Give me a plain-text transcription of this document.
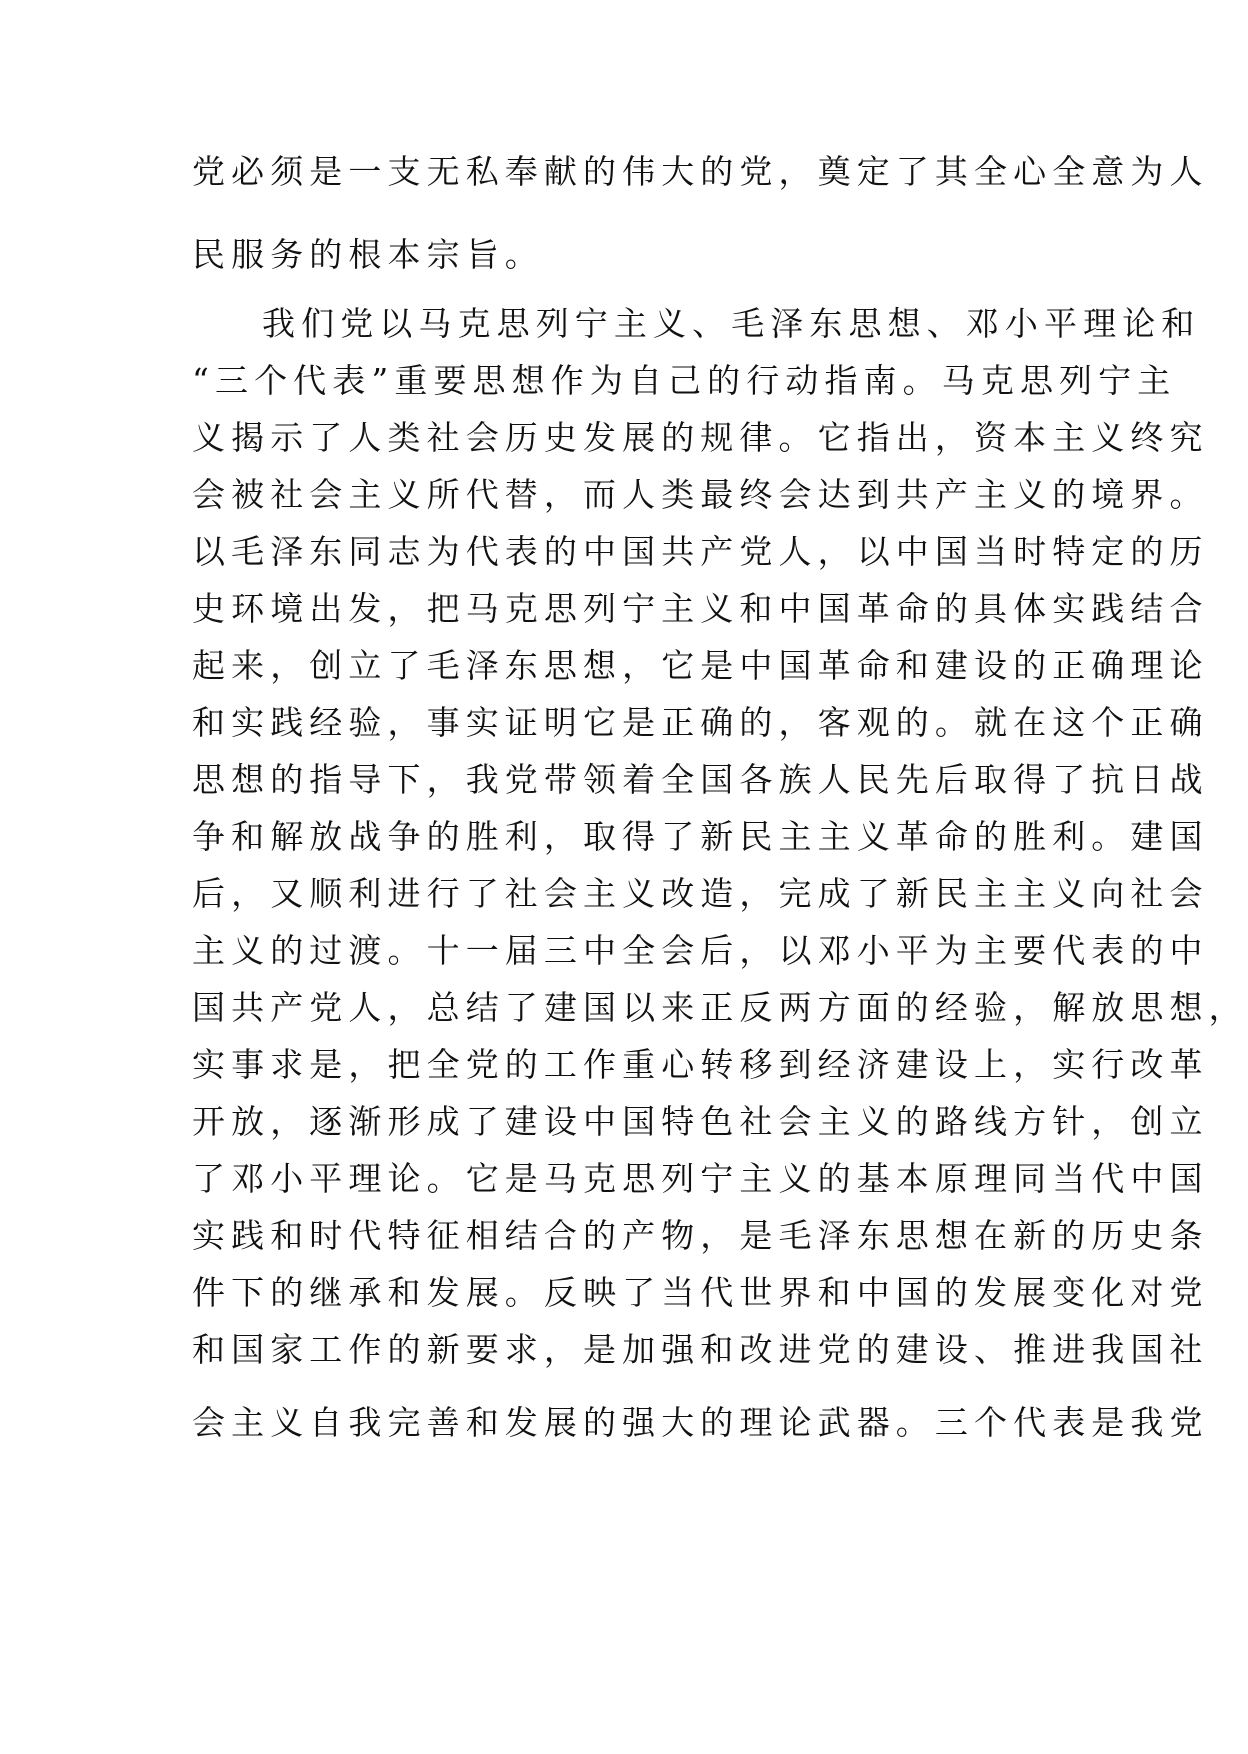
党必须是一支无私奉献的伟大的党，奠定了其全心全意为人
民服务的根本宗旨。
我们党以马克思列宁主义、毛泽东思想、邓小平理论和
“三个代表”重要思想作为自己的行动指南。马克思列宁主
义揭示了人类社会历史发展的规律。它指出，资本主义终究
会被社会主义所代替，而人类最终会达到共产主义的境界。
以毛泽东同志为代表的中国共产党人，以中国当时特定的历
史环境出发，把马克思列宁主义和中国革命的具体实践结合
起来，创立了毛泽东思想，它是中国革命和建设的正确理论
和实践经验，事实证明它是正确的，客观的。就在这个正确
思想的指导下，我党带领着全国各族人民先后取得了抗日战
争和解放战争的胜利，取得了新民主主义革命的胜利。建国
后，又顺利进行了社会主义改造，完成了新民主主义向社会
主义的过渡。十一届三中全会后，以邓小平为主要代表的中
国共产党人，总结了建国以来正反两方面的经验，解放思想，
实事求是，把全党的工作重心转移到经济建设上，实行改革
开放，逐渐形成了建设中国特色社会主义的路线方针，创立
了邓小平理论。它是马克思列宁主义的基本原理同当代中国
实践和时代特征相结合的产物，是毛泽东思想在新的历史条
件下的继承和发展。反映了当代世界和中国的发展变化对党
和国家工作的新要求，是加强和改进党的建设、推进我国社
会主义自我完善和发展的强大的理论武器。三个代表是我党
